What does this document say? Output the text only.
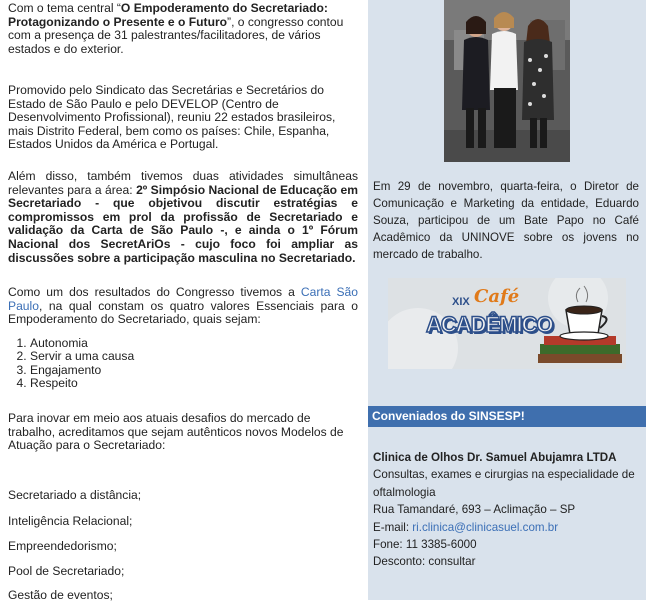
Com o tema central “O Empoderamento do Secretariado: Protagonizando o Presente e o Futuro”, o congresso contou com a presença de 31 palestrantes/facilitadores, de vários estados e do exterior.

Promovido pelo Sindicato das Secretárias e Secretários do Estado de São Paulo e pelo DEVELOP (Centro de Desenvolvimento Profissional), reuniu 22 estados brasileiros, mais Distrito Federal, bem como os países: Chile, Espanha, Estados Unidos da América e Portugal.

Além disso, também tivemos duas atividades simultâneas relevantes para a área: 2º Simpósio Nacional de Educação em Secretariado - que objetivou discutir estratégias e compromissos em prol da profissão de Secretariado e validação da Carta de São Paulo -, e ainda o 1º Fórum Nacional dos SecretAriOs - cujo foco foi ampliar as discussões sobre a participação masculina no Secretariado.

Como um dos resultados do Congresso tivemos a Carta São Paulo, na qual constam os quatro valores Essenciais para o Empoderamento do Secretariado, quais sejam:

1. Autonomia
2. Servir a uma causa
3. Engajamento
4. Respeito

Para inovar em meio aos atuais desafios do mercado de trabalho, acreditamos que sejam autênticos novos Modelos de Atuação para o Secretariado:

Secretariado a distância;

Inteligência Relacional;

Empreendedorismo;

Pool de Secretariado;

Gestão de eventos;

Em 29 de novembro, quarta-feira, o Diretor de Comunicação e Marketing da entidade, Eduardo Souza, participou de um Bate Papo no Café Acadêmico da UNINOVE sobre os jovens no mercado de trabalho.

XIX Café
ACADÊMICO
Conveniados do SINSESP!
Clinica de Olhos Dr. Samuel Abujamra LTDA
Consultas, exames e cirurgias na especialidade de oftalmologia
Rua Tamandaré, 693 – Aclimação – SP
E-mail: ri.clinica@clinicasuel.com.br
Fone: 11 3385-6000
Desconto: consultar
